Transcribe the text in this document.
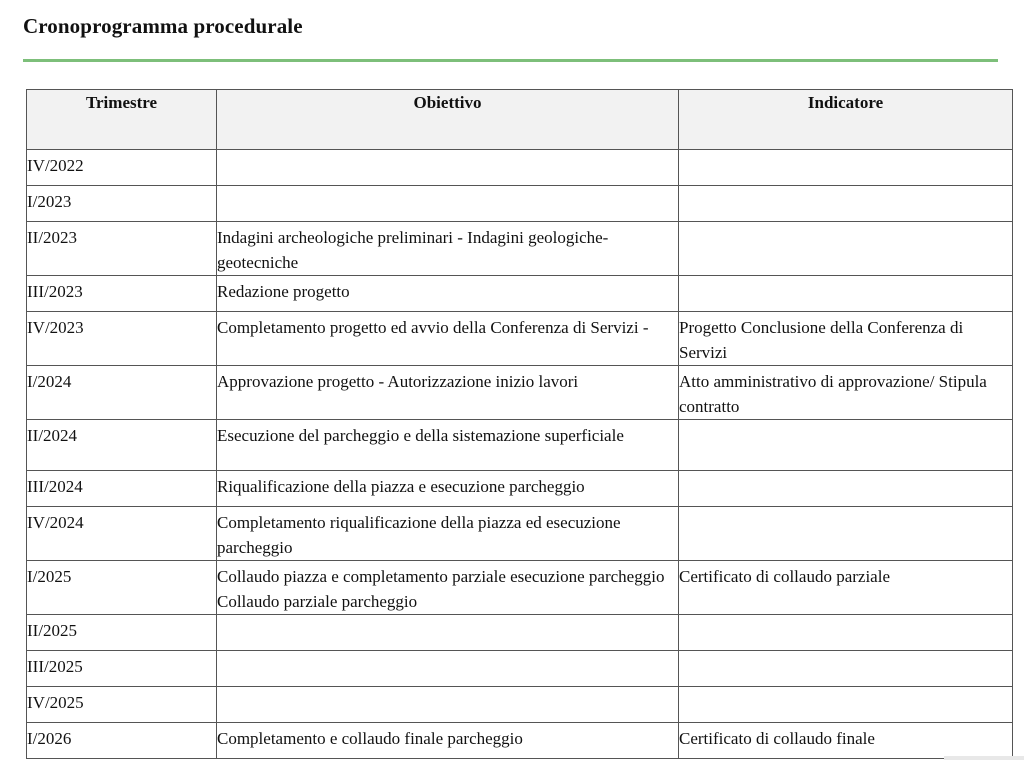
Cronoprogramma procedurale
Trimestre	Obiettivo	Indicatore
IV/2022		
I/2023		
II/2023	Indagini archeologiche preliminari - Indagini geologiche-geotecniche	
III/2023	Redazione progetto	
IV/2023	Completamento progetto ed avvio della Conferenza di Servizi -	Progetto Conclusione della Conferenza di Servizi
I/2024	Approvazione progetto - Autorizzazione inizio lavori	Atto amministrativo di approvazione/ Stipula contratto
II/2024	Esecuzione del parcheggio e della sistemazione superficiale	
III/2024	Riqualificazione della piazza e esecuzione parcheggio	
IV/2024	Completamento riqualificazione della piazza ed esecuzione parcheggio	
I/2025	Collaudo piazza e completamento parziale esecuzione parcheggio Collaudo parziale parcheggio	Certificato di collaudo parziale
II/2025		
III/2025		
IV/2025		
I/2026	Completamento e collaudo finale parcheggio	Certificato di collaudo finale
